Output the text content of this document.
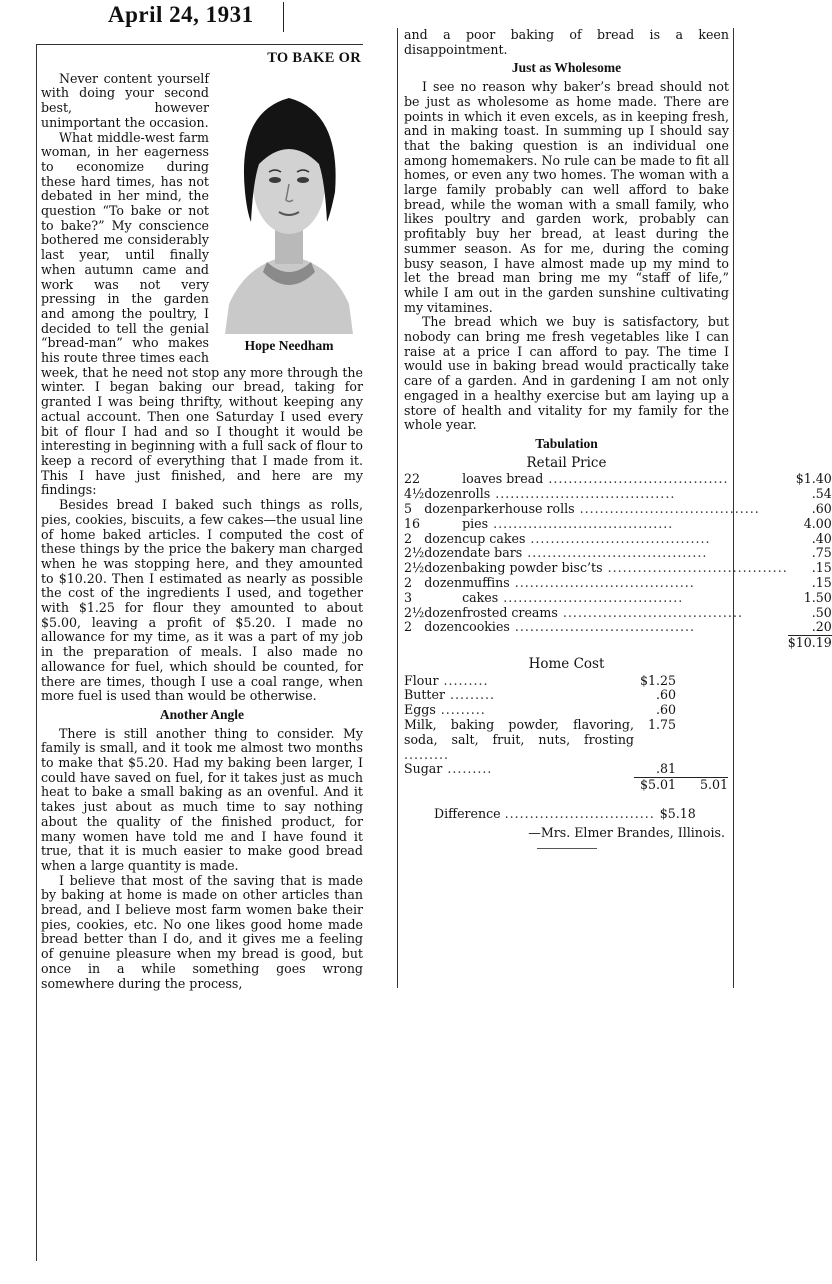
April 24, 1931
TO BAKE OR
Hope Needham

Never content yourself with doing your second best, however unimportant the occasion.

What middle-west farm woman, in her eagerness to economize during these hard times, has not debated in her mind, the question “To bake or not to bake?” My conscience bothered me considerably last year, until finally when autumn came and work was not very pressing in the garden and among the poultry, I decided to tell the genial “bread-man” who makes his route three times each week, that he need not stop any more through the winter. I began baking our bread, taking for granted I was being thrifty, without keeping any actual account. Then one Saturday I used every bit of flour I had and so I thought it would be interesting in beginning with a full sack of flour to keep a record of everything that I made from it. This I have just finished, and here are my findings:

Besides bread I baked such things as rolls, pies, cookies, biscuits, a few cakes—the usual line of home baked articles. I computed the cost of these things by the price the bakery man charged when he was stopping here, and they amounted to $10.20. Then I estimated as nearly as possible the cost of the ingredients I used, and together with $1.25 for flour they amounted to about $5.00, leaving a profit of $5.20. I made no allowance for my time, as it was a part of my job in the preparation of meals. I also made no allowance for fuel, which should be counted, for there are times, though I use a coal range, when more fuel is used than would be otherwise.

Another Angle

There is still another thing to consider. My family is small, and it took me almost two months to make that $5.20. Had my baking been larger, I could have saved on fuel, for it takes just as much heat to bake a small baking as an ovenful. And it takes just about as much time to say nothing about the quality of the finished product, for many women have told me and I have found it true, that it is much easier to make good bread when a large quantity is made.

I believe that most of the saving that is made by baking at home is made on other articles than bread, and I believe most farm women bake their pies, cookies, etc. No one likes good home made bread better than I do, and it gives me a feeling of genuine pleasure when my bread is good, but once in a while something goes wrong somewhere during the process,

and a poor baking of bread is a keen disappointment.

Just as Wholesome

I see no reason why baker’s bread should not be just as wholesome as home made. There are points in which it even excels, as in keeping fresh, and in making toast. In summing up I should say that the baking question is an individual one among homemakers. No rule can be made to fit all homes, or even any two homes. The woman with a large family probably can well afford to bake bread, while the woman with a small family, who likes poultry and garden work, probably can profitably buy her bread, at least during the summer season. As for me, during the coming busy season, I have almost made up my mind to let the bread man bring me my “staff of life,” while I am out in the garden sunshine cultivating my vitamines.

The bread which we buy is satisfactory, but nobody can bring me fresh vegetables like I can raise at a price I can afford to pay. The time I would use in baking bread would practically take care of a garden. And in gardening I am not only engaged in a healthy exercise but am laying up a store of health and vitality for my family for the whole year.

Tabulation
Retail Price
22		loaves bread ....................................	$1.40
4½	dozen	rolls ....................................	.54
5	dozen	parkerhouse rolls ....................................	.60
16		pies ....................................	4.00
2	dozen	cup cakes ....................................	.40
2½	dozen	date bars ....................................	.75
2½	dozen	baking powder bisc’ts ....................................	.15
2	dozen	muffins ....................................	.15
3		cakes ....................................	1.50
2½	dozen	frosted creams ....................................	.50
2	dozen	cookies ....................................	.20
			$10.19
Home Cost
Flour .........	$1.25	
Butter .........	.60	
Eggs .........	.60	
Milk, baking powder, flavoring, soda, salt, fruit, nuts, frosting .........	1.75	
Sugar .........	.81	
	$5.01	5.01
Difference .............................. $5.18
—Mrs. Elmer Brandes, Illinois.
